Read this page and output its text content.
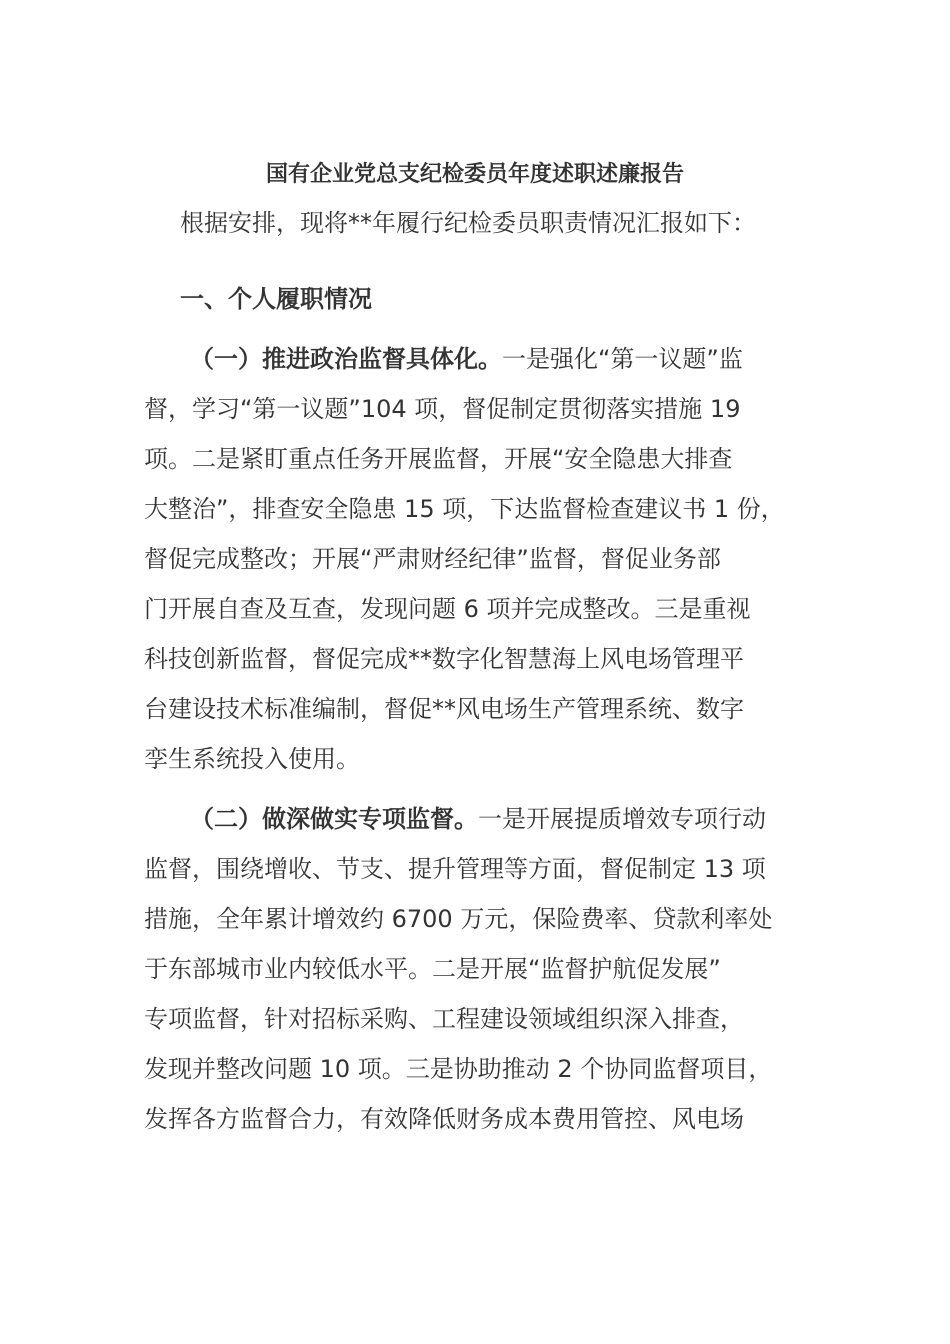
国有企业党总支纪检委员年度述职述廉报告
根据安排，现将**年履行纪检委员职责情况汇报如下：
一、个人履职情况
（一）推进政治监督具体化。一是强化“第一议题”监
督，学习“第一议题”104 项，督促制定贯彻落实措施 19
项。二是紧盯重点任务开展监督，开展“安全隐患大排查
大整治”，排查安全隐患 15 项，下达监督检查建议书 1 份，
督促完成整改；开展“严肃财经纪律”监督，督促业务部
门开展自查及互查，发现问题 6 项并完成整改。三是重视
科技创新监督，督促完成**数字化智慧海上风电场管理平
台建设技术标准编制，督促**风电场生产管理系统、数字
孪生系统投入使用。
（二）做深做实专项监督。一是开展提质增效专项行动
监督，围绕增收、节支、提升管理等方面，督促制定 13 项
措施，全年累计增效约 6700 万元，保险费率、贷款利率处
于东部城市业内较低水平。二是开展“监督护航促发展”
专项监督，针对招标采购、工程建设领域组织深入排查，
发现并整改问题 10 项。三是协助推动 2 个协同监督项目，
发挥各方监督合力，有效降低财务成本费用管控、风电场
